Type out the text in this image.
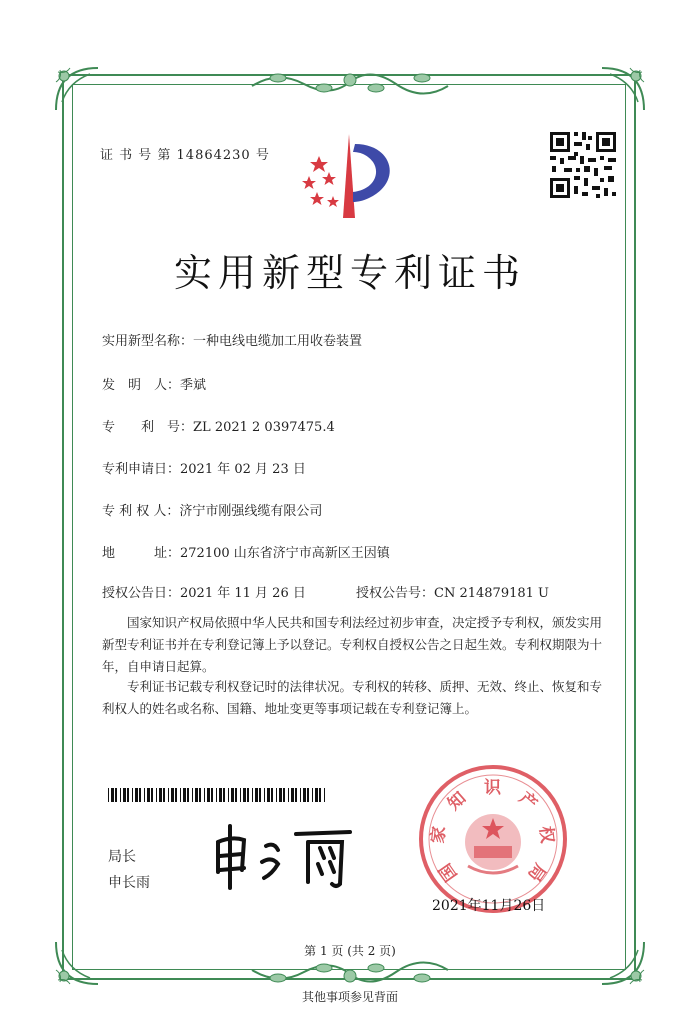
证 书 号 第 14864230 号
实用新型专利证书
实用新型名称：一种电线电缆加工用收卷装置
发　明　人：季斌
专　　利　号：ZL 2021 2 0397475.4
专利申请日：2021 年 02 月 23 日
专 利 权 人：济宁市刚强线缆有限公司
地　　　址：272100 山东省济宁市高新区王因镇
授权公告日：2021 年 11 月 26 日	授权公告号：CN 214879181 U
国家知识产权局依照中华人民共和国专利法经过初步审查，决定授予专利权，颁发实用新型专利证书并在专利登记簿上予以登记。专利权自授权公告之日起生效。专利权期限为十年，自申请日起算。
专利证书记载专利权登记时的法律状况。专利权的转移、质押、无效、终止、恢复和专利权人的姓名或名称、国籍、地址变更等事项记载在专利登记簿上。
局长
申长雨	国
家
知
识
产
权
局
2021年11月26日
第 1 页 (共 2 页)
其他事项参见背面
